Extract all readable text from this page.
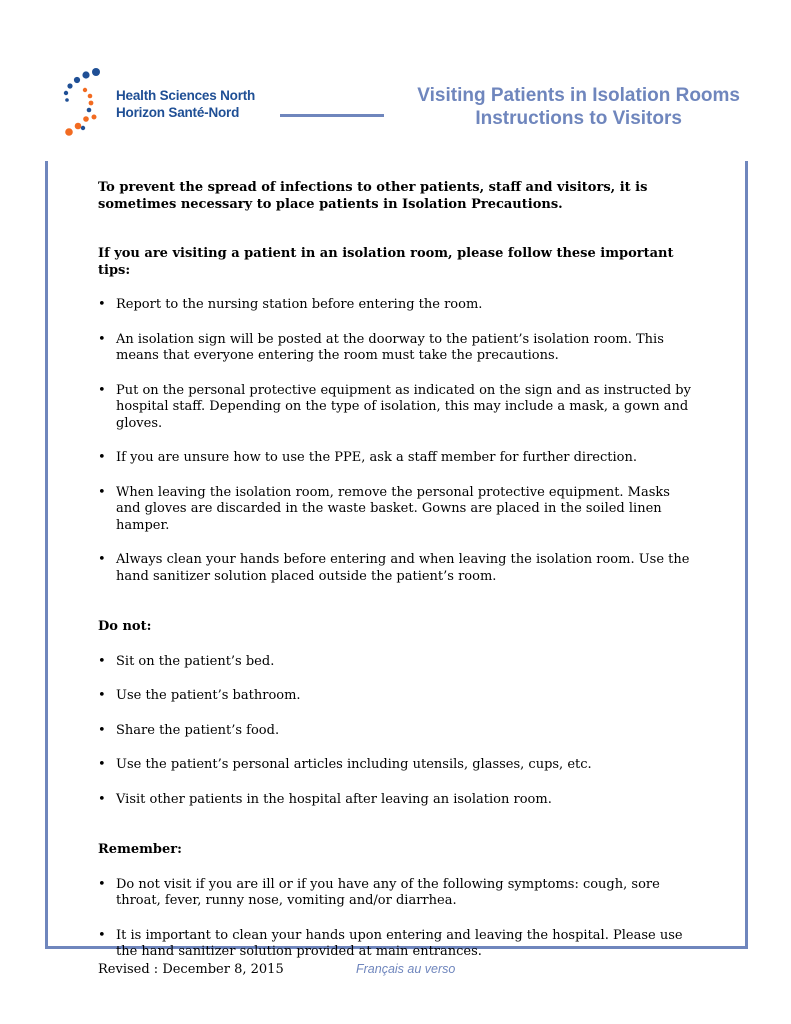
Health Sciences North
Horizon Santé-Nord
Visiting Patients in Isolation Rooms
Instructions to Visitors

To prevent the spread of infections to other patients, staff and visitors, it is sometimes necessary to place patients in Isolation Precautions.

If you are visiting a patient in an isolation room, please follow these important tips:

• Report to the nursing station before entering the room.
• An isolation sign will be posted at the doorway to the patient’s isolation room. This means that everyone entering the room must take the precautions.
• Put on the personal protective equipment as indicated on the sign and as instructed by hospital staff. Depending on the type of isolation, this may include a mask, a gown and gloves.
• If you are unsure how to use the PPE, ask a staff member for further direction.
• When leaving the isolation room, remove the personal protective equipment. Masks and gloves are discarded in the waste basket. Gowns are placed in the soiled linen hamper.
• Always clean your hands before entering and when leaving the isolation room. Use the hand sanitizer solution placed outside the patient’s room.

Do not:

• Sit on the patient’s bed.
• Use the patient’s bathroom.
• Share the patient’s food.
• Use the patient’s personal articles including utensils, glasses, cups, etc.
• Visit other patients in the hospital after leaving an isolation room.

Remember:

• Do not visit if you are ill or if you have any of the following symptoms: cough, sore throat, fever, runny nose, vomiting and/or diarrhea.
• It is important to clean your hands upon entering and leaving the hospital. Please use the hand sanitizer solution provided at main entrances.
Revised : December 8, 2015	Français au verso
